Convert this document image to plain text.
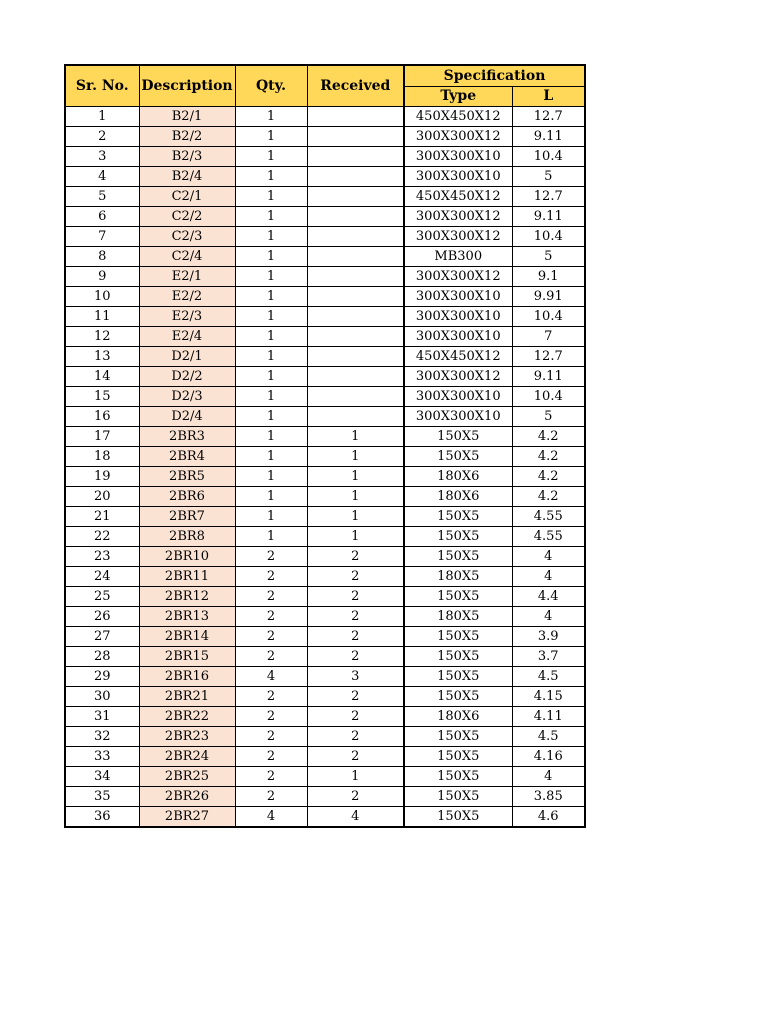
Sr. No.	Description	Qty.	Received	Specification	
				Type	L
1	B2/1	1		450X450X12	12.7
2	B2/2	1		300X300X12	9.11
3	B2/3	1		300X300X10	10.4
4	B2/4	1		300X300X10	5
5	C2/1	1		450X450X12	12.7
6	C2/2	1		300X300X12	9.11
7	C2/3	1		300X300X12	10.4
8	C2/4	1		MB300	5
9	E2/1	1		300X300X12	9.1
10	E2/2	1		300X300X10	9.91
11	E2/3	1		300X300X10	10.4
12	E2/4	1		300X300X10	7
13	D2/1	1		450X450X12	12.7
14	D2/2	1		300X300X12	9.11
15	D2/3	1		300X300X10	10.4
16	D2/4	1		300X300X10	5
17	2BR3	1	1	150X5	4.2
18	2BR4	1	1	150X5	4.2
19	2BR5	1	1	180X6	4.2
20	2BR6	1	1	180X6	4.2
21	2BR7	1	1	150X5	4.55
22	2BR8	1	1	150X5	4.55
23	2BR10	2	2	150X5	4
24	2BR11	2	2	180X5	4
25	2BR12	2	2	150X5	4.4
26	2BR13	2	2	180X5	4
27	2BR14	2	2	150X5	3.9
28	2BR15	2	2	150X5	3.7
29	2BR16	4	3	150X5	4.5
30	2BR21	2	2	150X5	4.15
31	2BR22	2	2	180X6	4.11
32	2BR23	2	2	150X5	4.5
33	2BR24	2	2	150X5	4.16
34	2BR25	2	1	150X5	4
35	2BR26	2	2	150X5	3.85
36	2BR27	4	4	150X5	4.6
